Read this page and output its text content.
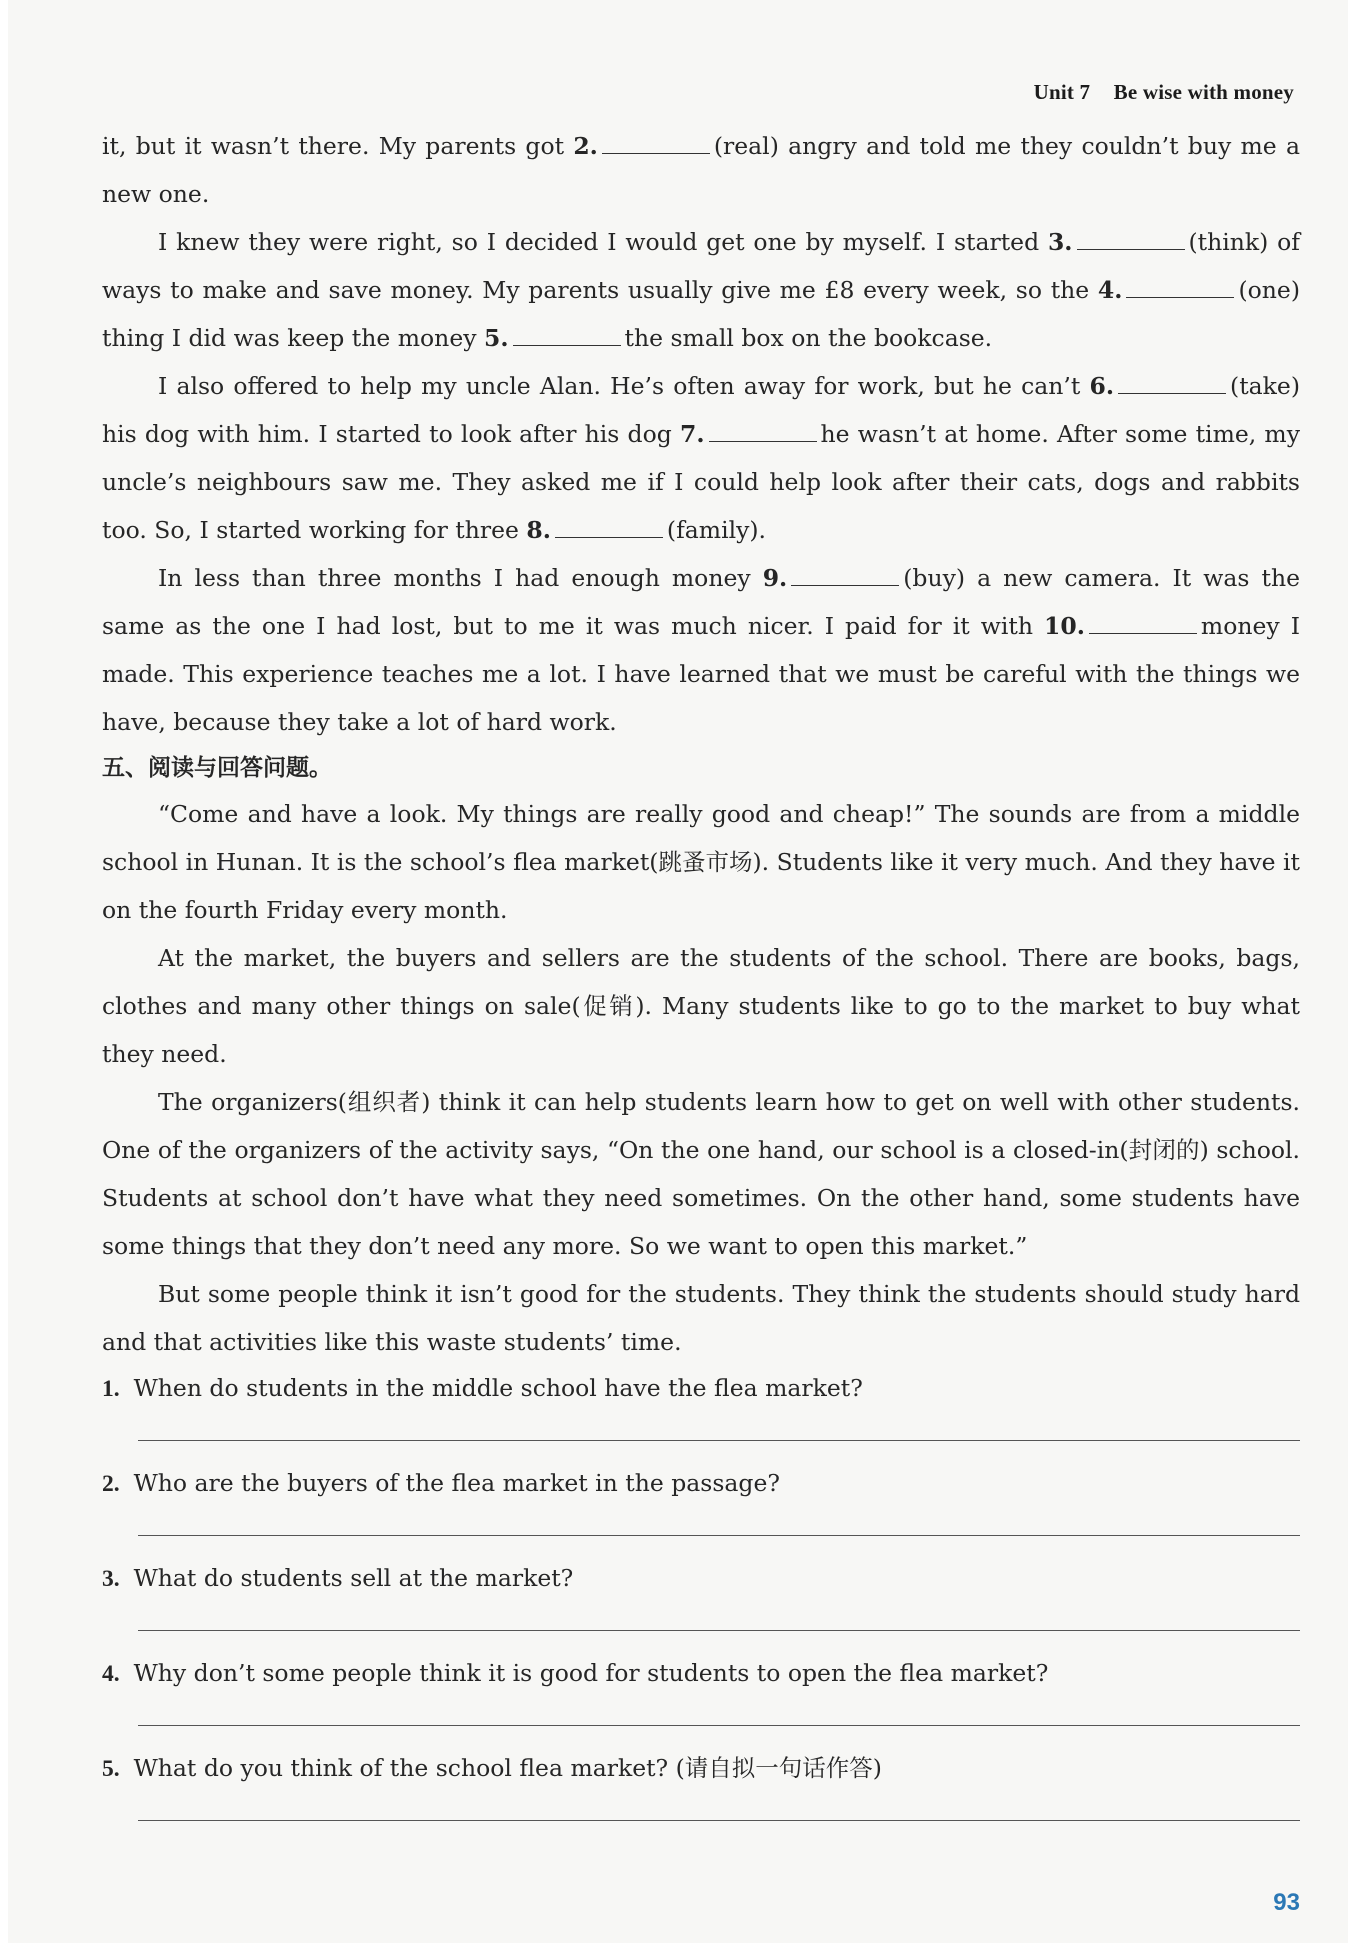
Unit 7 Be wise with money

it, but it wasn’t there. My parents got 2.	(real) angry and told me they couldn’t buy me a new one.

I knew they were right, so I decided I would get one by myself. I started 3.	(think) of ways to make and save money. My parents usually give me £8 every week, so the 4.	(one) thing I did was keep the money 5.	the small box on the bookcase.

I also offered to help my uncle Alan. He’s often away for work, but he can’t 6.	(take) his dog with him. I started to look after his dog 7.	he wasn’t at home. After some time, my uncle’s neighbours saw me. They asked me if I could help look after their cats, dogs and rabbits too. So, I started working for three 8.	(family).

In less than three months I had enough money 9.	(buy) a new camera. It was the same as the one I had lost, but to me it was much nicer. I paid for it with 10.	money I made. This experience teaches me a lot. I have learned that we must be careful with the things we have, because they take a lot of hard work.

五、阅读与回答问题。

“Come and have a look. My things are really good and cheap!” The sounds are from a middle school in Hunan. It is the school’s flea market(跳蚤市场). Students like it very much. And they have it on the fourth Friday every month.

At the market, the buyers and sellers are the students of the school. There are books, bags, clothes and many other things on sale(促销). Many students like to go to the market to buy what they need.

The organizers(组织者) think it can help students learn how to get on well with other students. One of the organizers of the activity says, “On the one hand, our school is a closed-in(封闭的) school. Students at school don’t have what they need sometimes. On the other hand, some students have some things that they don’t need any more. So we want to open this market.”

But some people think it isn’t good for the students. They think the students should study hard and that activities like this waste students’ time.

1. When do students in the middle school have the flea market?
2. Who are the buyers of the flea market in the passage?
3. What do students sell at the market?
4. Why don’t some people think it is good for students to open the flea market?
5. What do you think of the school flea market? (请自拟一句话作答)
93
